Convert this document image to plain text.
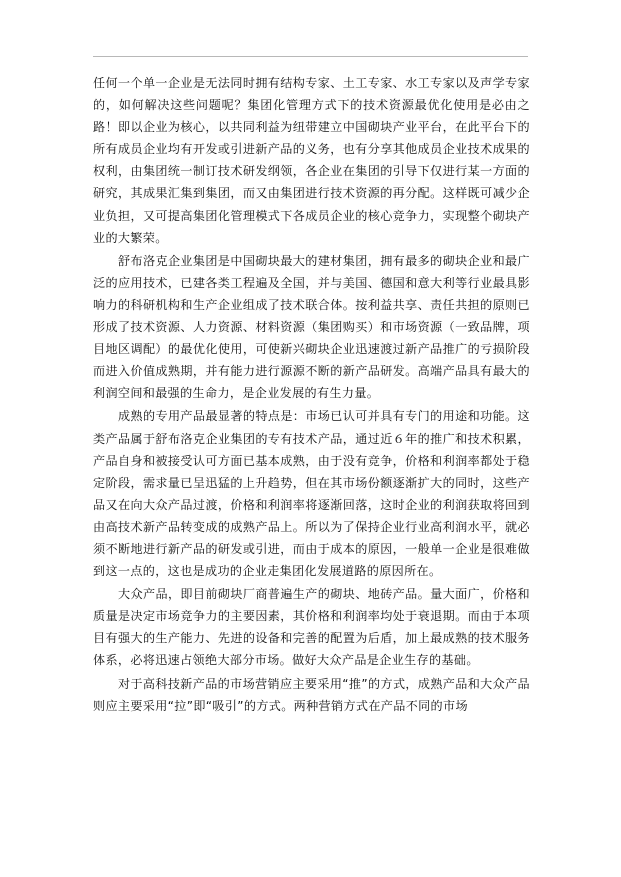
任何一个单一企业是无法同时拥有结构专家、土工专家、水工专家以及声学专家的，如何解决这些问题呢？集团化管理方式下的技术资源最优化使用是必由之路！即以企业为核心，以共同利益为纽带建立中国砌块产业平台，在此平台下的所有成员企业均有开发或引进新产品的义务，也有分享其他成员企业技术成果的权利，由集团统一制订技术研发纲领，各企业在集团的引导下仅进行某一方面的研究，其成果汇集到集团，而又由集团进行技术资源的再分配。这样既可减少企业负担，又可提高集团化管理模式下各成员企业的核心竞争力，实现整个砌块产业的大繁荣。

舒布洛克企业集团是中国砌块最大的建材集团，拥有最多的砌块企业和最广泛的应用技术，已建各类工程遍及全国，并与美国、德国和意大利等行业最具影响力的科研机构和生产企业组成了技术联合体。按利益共享、责任共担的原则已形成了技术资源、人力资源、材料资源（集团购买）和市场资源（一致品牌，项目地区调配）的最优化使用，可使新兴砌块企业迅速渡过新产品推广的亏损阶段而进入价值成熟期，并有能力进行源源不断的新产品研发。高端产品具有最大的利润空间和最强的生命力，是企业发展的有生力量。

成熟的专用产品最显著的特点是：市场已认可并具有专门的用途和功能。这类产品属于舒布洛克企业集团的专有技术产品，通过近６年的推广和技术积累，产品自身和被接受认可方面已基本成熟，由于没有竞争，价格和利润率都处于稳定阶段，需求量已呈迅猛的上升趋势，但在其市场份额逐渐扩大的同时，这些产品又在向大众产品过渡，价格和利润率将逐渐回落，这时企业的利润获取将回到由高技术新产品转变成的成熟产品上。所以为了保持企业行业高利润水平，就必须不断地进行新产品的研发或引进，而由于成本的原因，一般单一企业是很难做到这一点的，这也是成功的企业走集团化发展道路的原因所在。

大众产品，即目前砌块厂商普遍生产的砌块、地砖产品。量大面广，价格和质量是决定市场竞争力的主要因素，其价格和利润率均处于衰退期。而由于本项目有强大的生产能力、先进的设备和完善的配置为后盾，加上最成熟的技术服务体系，必将迅速占领绝大部分市场。做好大众产品是企业生存的基础。

对于高科技新产品的市场营销应主要采用“推”的方式，成熟产品和大众产品则应主要采用“拉”即“吸引”的方式。两种营销方式在产品不同的市场
